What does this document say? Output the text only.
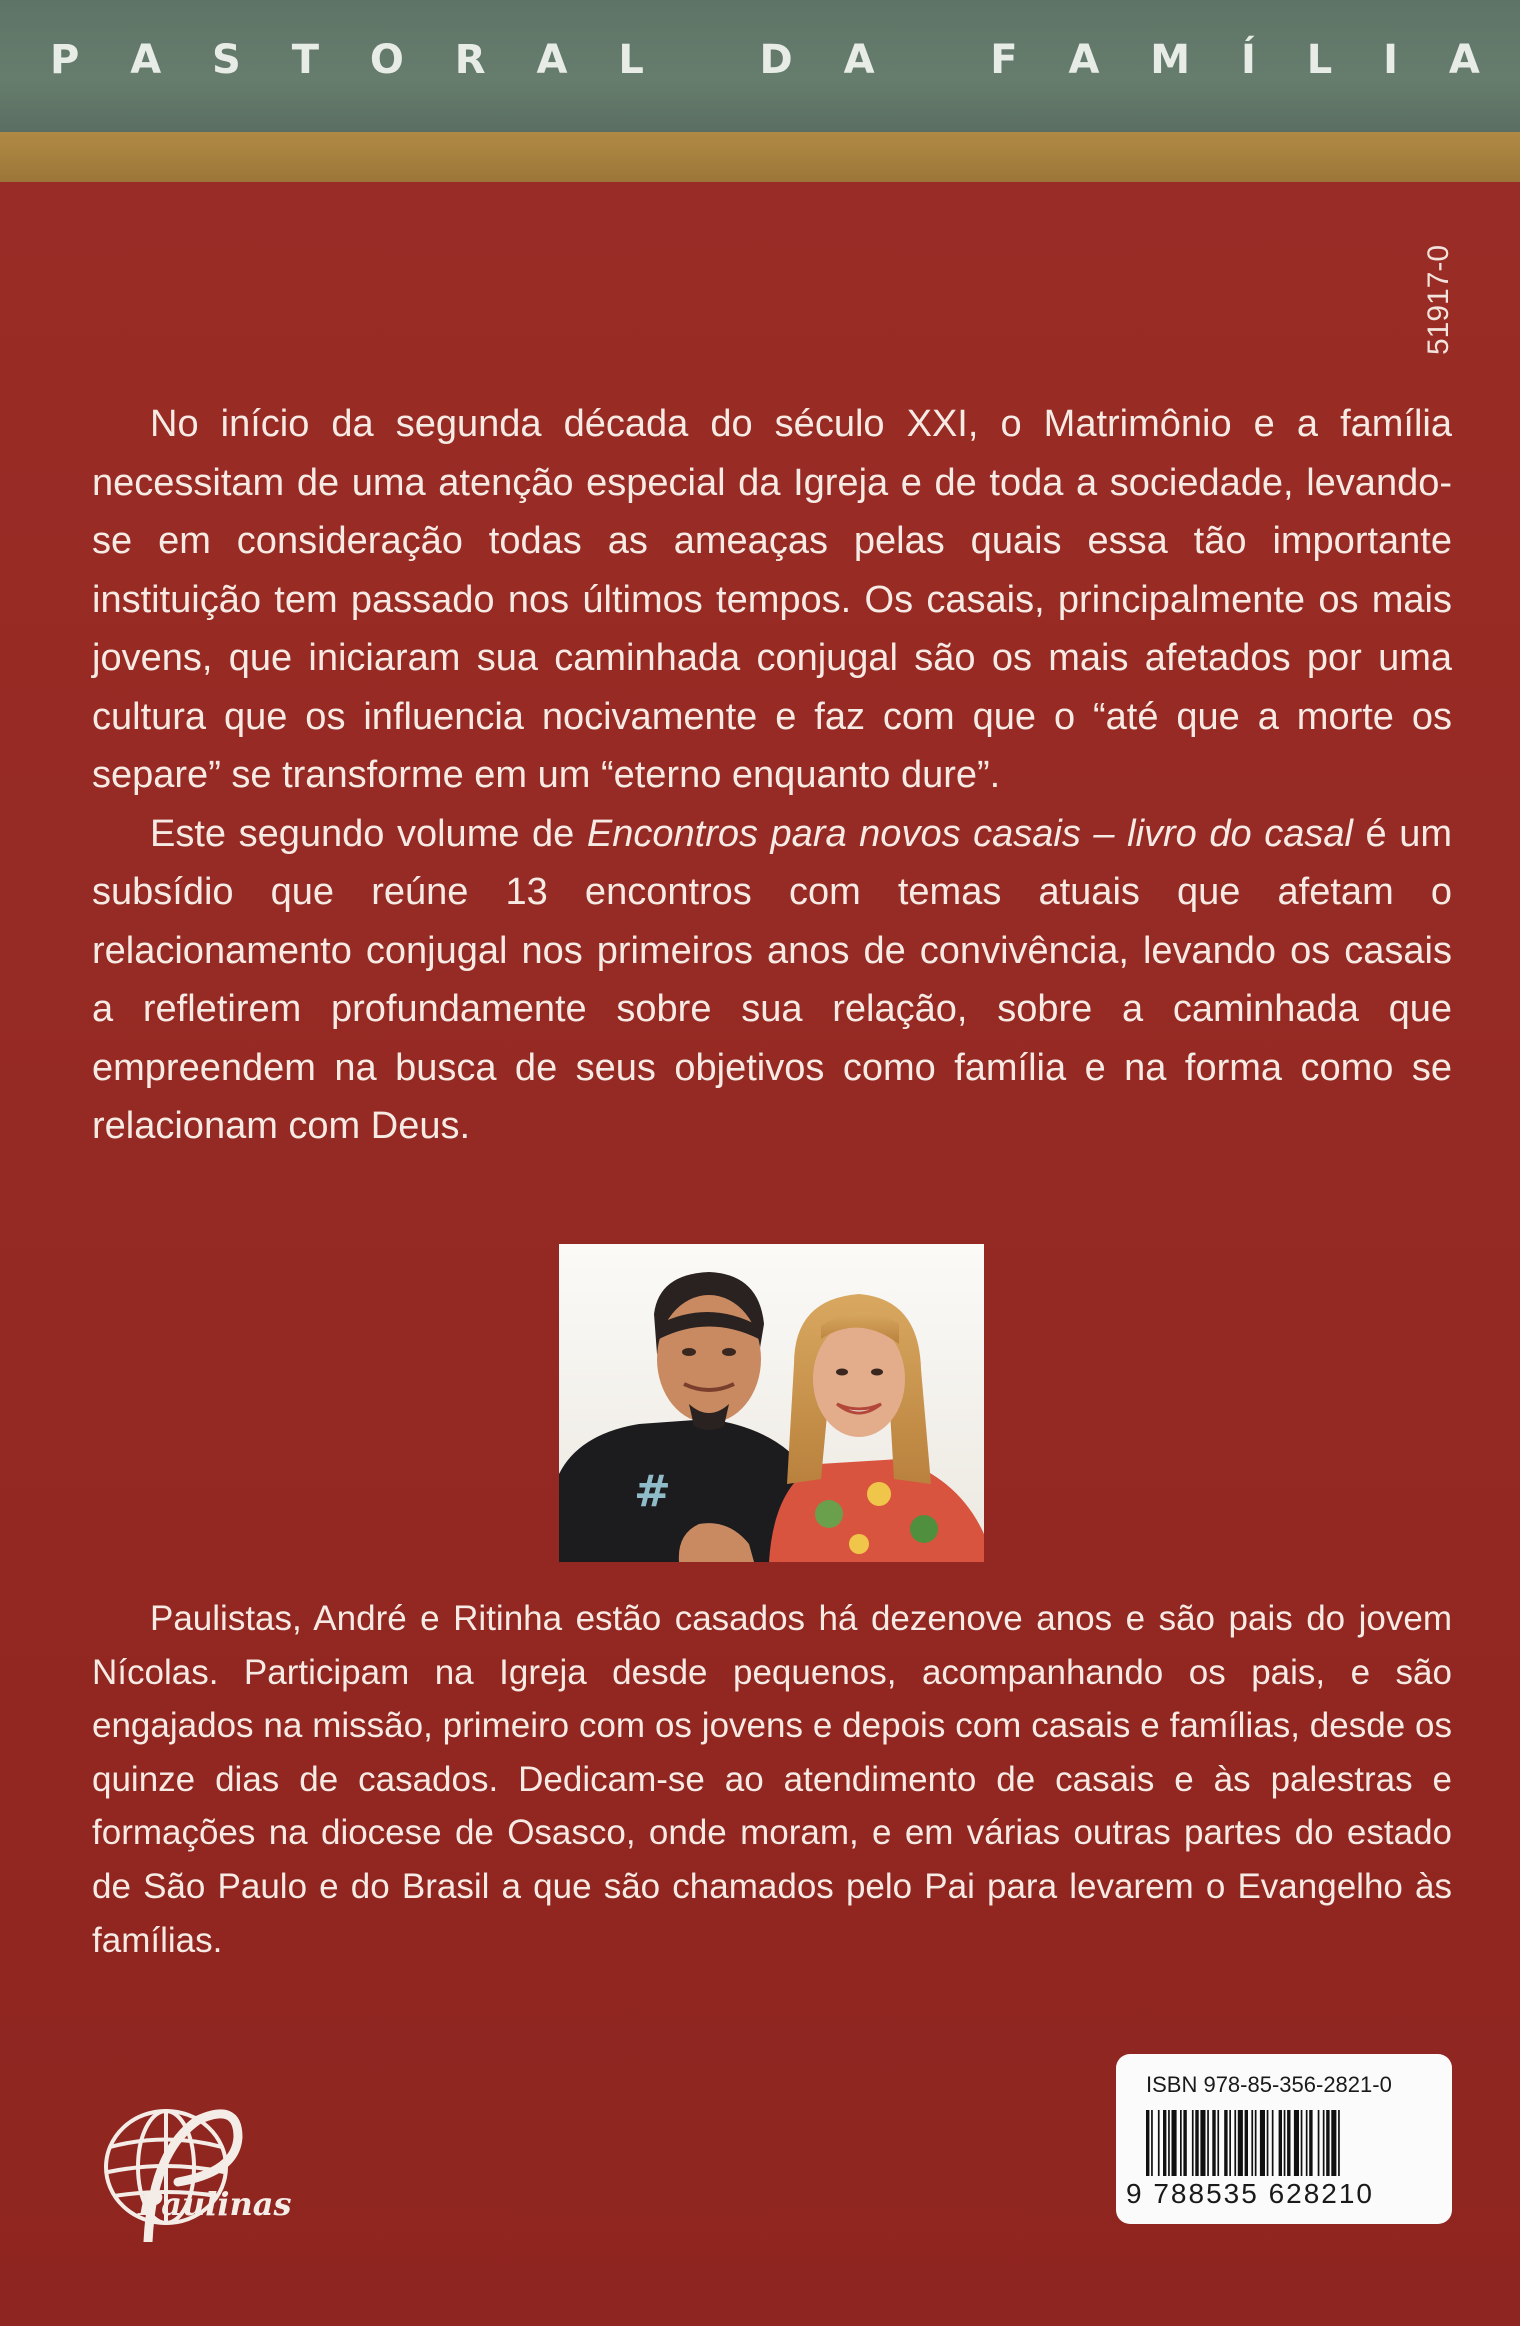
P A S T O R A L
	D A
	F A M Í L I A
51917-0

No início da segunda década do século XXI, o Matrimônio e a família necessitam de uma atenção especial da Igreja e de toda a sociedade, levando-se em consideração todas as ameaças pelas quais essa tão importante instituição tem passado nos últimos tempos. Os casais, principalmente os mais jovens, que iniciaram sua caminhada conjugal são os mais afetados por uma cultura que os influencia nocivamente e faz com que o “até que a morte os separe” se transforme em um “eterno enquanto dure”.

Este segundo volume de Encontros para novos casais – livro do casal é um subsídio que reúne 13 encontros com temas atuais que afetam o relacionamento conjugal nos primeiros anos de convivência, levando os casais a refletirem profundamente sobre sua relação, sobre a caminhada que empreendem na busca de seus objetivos como família e na forma como se relacionam com Deus.

#

Paulistas, André e Ritinha estão casados há dezenove anos e são pais do jovem Nícolas. Participam na Igreja desde pequenos, acompanhando os pais, e são engajados na missão, primeiro com os jovens e depois com casais e famílias, desde os quinze dias de casados. Dedicam-se ao atendimento de casais e às palestras e formações na diocese de Osasco, onde moram, e em várias outras partes do estado de São Paulo e do Brasil a que são chamados pelo Pai para levarem o Evangelho às famílias.

Paulinas
ISBN 978-85-356-2821-0
9 788535 628210
